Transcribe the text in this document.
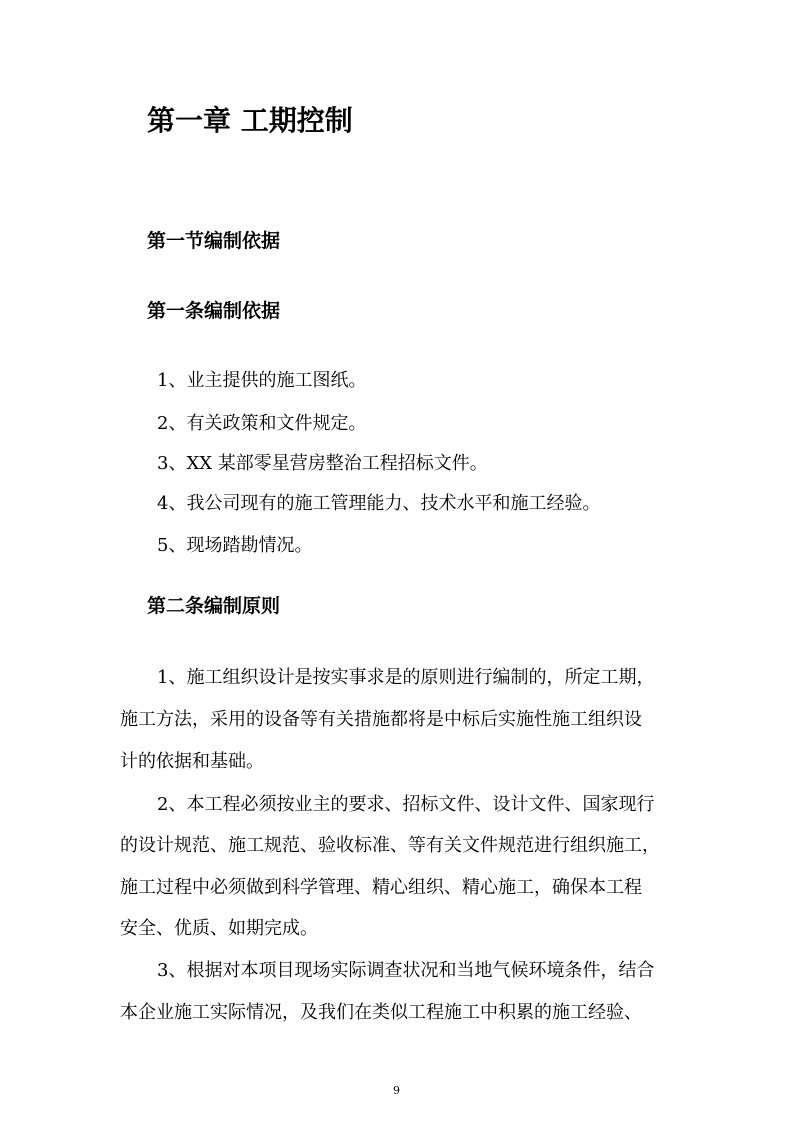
第一章 工期控制
第一节编制依据
第一条编制依据
1、业主提供的施工图纸。
2、有关政策和文件规定。
3、XX 某部零星营房整治工程招标文件。
4、我公司现有的施工管理能力、技术水平和施工经验。
5、现场踏勘情况。
第二条编制原则
1、施工组织设计是按实事求是的原则进行编制的，所定工期，
施工方法，采用的设备等有关措施都将是中标后实施性施工组织设
计的依据和基础。
2、本工程必须按业主的要求、招标文件、设计文件、国家现行
的设计规范、施工规范、验收标准、等有关文件规范进行组织施工，
施工过程中必须做到科学管理、精心组织、精心施工，确保本工程
安全、优质、如期完成。
3、根据对本项目现场实际调查状况和当地气候环境条件，结合
本企业施工实际情况，及我们在类似工程施工中积累的施工经验、
9
